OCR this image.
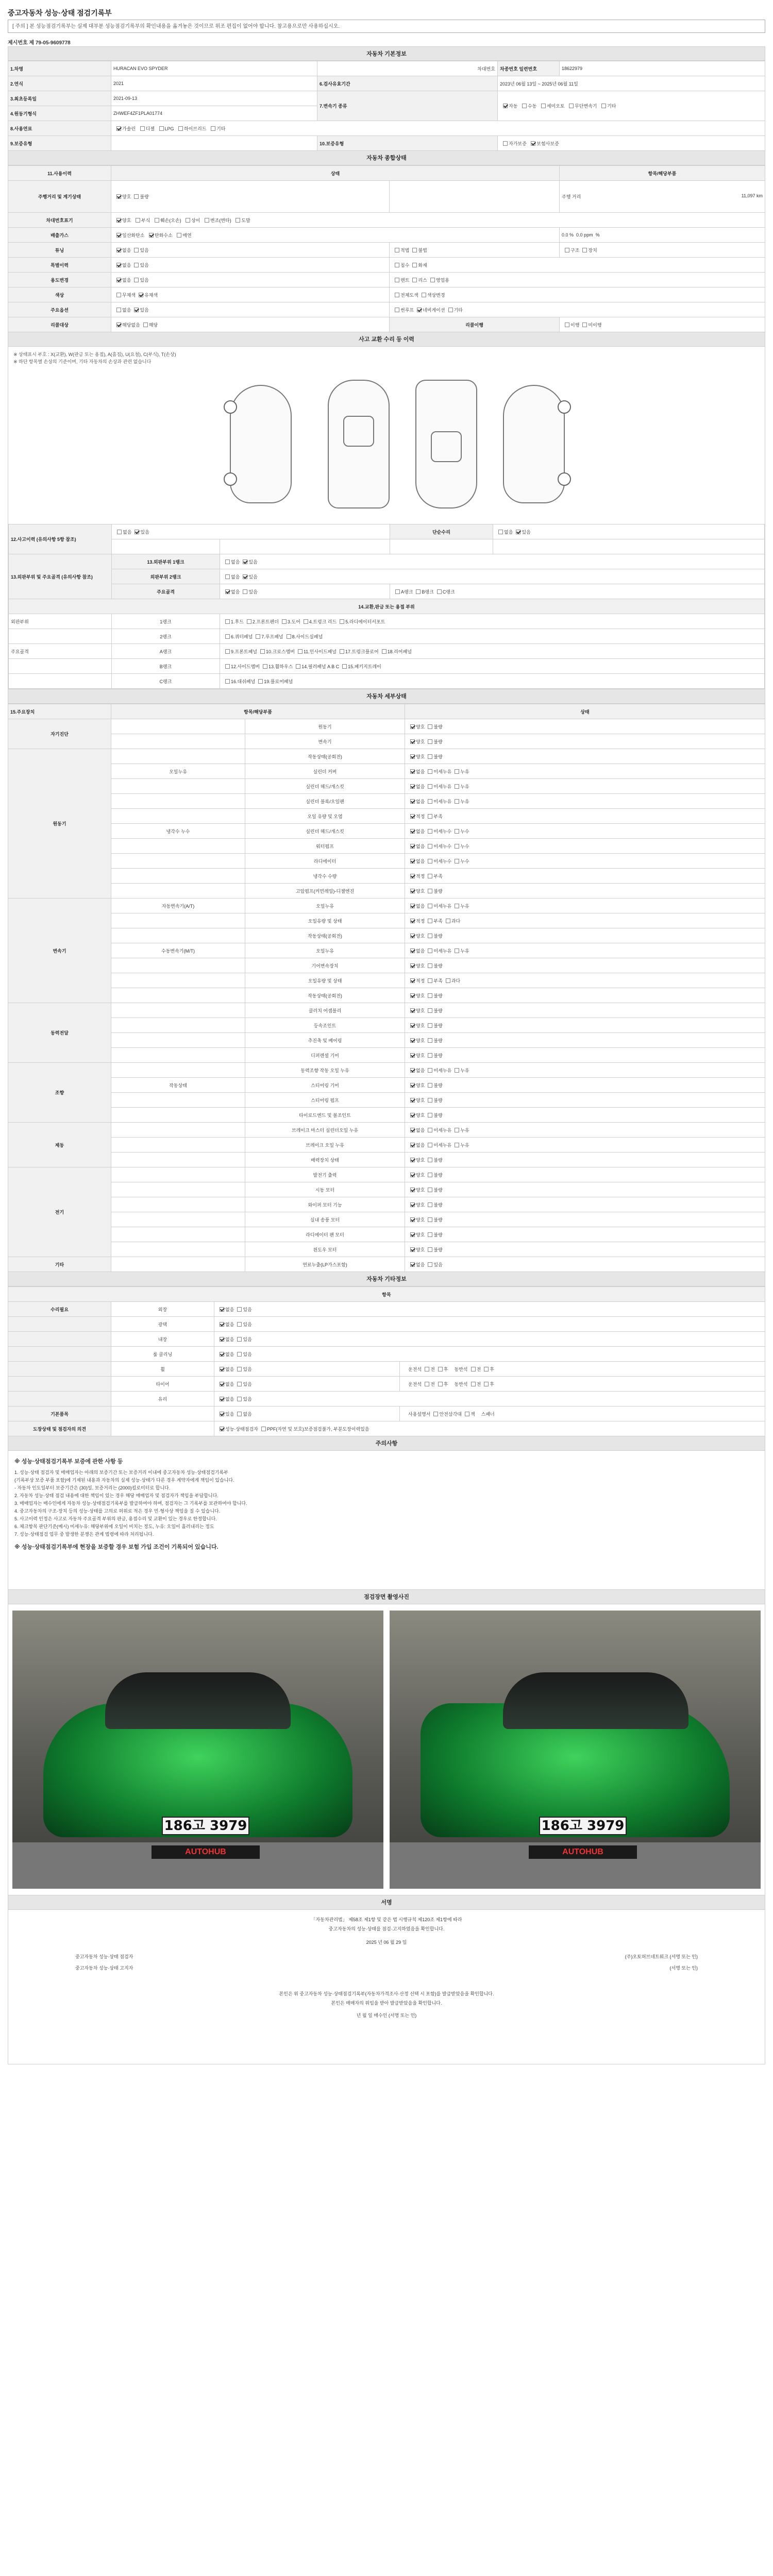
중고자동차 성능·상태 점검기록부
[ 주의 ] 본 성능점검기록부는 실제 대부분 성능점검기록부의 확인내용을 옮겨놓은 것이므로 위조 편집이 없어야 합니다. 참고용으로만 사용하십시오.
제시번호 제 79-05-9609778
자동차 기본정보
1.차명	HURACAN EVO SPYDER	차대번호	차종번호 일련번호	18622979
2.연식	2021	6.검사유효기간	2023년 06월 13일 ~ 2025년 06월 11일	
3.최초등록일	2021-09-13	7.변속기 종류	자동 수동 세미오토 무단변속기 기타	
4.원동기형식	ZHWEF4ZF1PLA01774			
8.사용연료	가솔린 디젤 LPG 하이브리드 기타			
9.보증유형		10.보증유형	자가보증 보험사보증	
자동차 종합상태
11.사용이력	상태		항목/해당부품
주행거리 및 계기상태	양호 불량		주행 거리 11,097 km

차대번호표기	양호 부식 훼손(오손) 상이 변조(변타) 도말		
배출가스	일산화탄소 탄화수소 매연		0.0 % 0.0 ppm %
튜닝	없음 있음	적법 불법	구조 장치
특별이력	없음 있음	침수 화재	
용도변경	없음 있음	렌트 리스 영업용	
색상	무채색 유채색	전체도색 색상변경	
주요옵션	없음 있음	썬루프 네비게이션 기타	
리콜대상	해당없음 해당	리콜이행	이행 미이행
사고 교환 수리 등 이력
※ 상태표시 부호 : X(교환), W(판금 또는 용접), A(흠집), U(요철), C(부식), T(손상)
※ 하단 항목별 손상의 기준이며, 기타 자동차의 손상과 관련 없습니다
12.사고이력 (유의사항 5항 참조)	없음 있음		단순수리	없음 있음

13.외판부위 및 주요골격 (유의사항 참조)	13.외판부위 1랭크	없음 있음		
	외판부위 2랭크	없음 있음		
	주요골격	없음 있음	A랭크 B랭크 C랭크	
14.교환,판금 또는 용접 부위				
외판부위	1랭크	1.후드 2.프론트펜더 3.도어 4.트렁크 리드 5.라디에이터서포트		
	2랭크	6.쿼터패널 7.루프패널 8.사이드실패널		
주요골격	A랭크	9.프론트패널 10.크로스멤버 11.인사이드패널 17.트렁크플로어 18.리어패널		
	B랭크	12.사이드멤버 13.휠하우스 14.필러패널 A B C 15.패키지트레이		
	C랭크	16.대쉬패널 19.플로어패널		
자동차 세부상태
15.주요장치	항목/해당부품		상태
자기진단		원동기	양호 불량
		변속기	양호 불량
원동기		작동상태(공회전)	양호 불량
	오일누유	실린더 커버	없음 미세누유 누유
		실린더 헤드/개스킷	없음 미세누유 누유
		실린더 블록/오일팬	없음 미세누유 누유
		오일 유량 및 오염	적정 부족
	냉각수 누수	실린더 헤드/개스킷	없음 미세누수 누수
		워터펌프	없음 미세누수 누수
		라디에이터	없음 미세누수 누수
		냉각수 수량	적정 부족
		고압펌프(커먼레일)-디젤엔진	양호 불량
변속기	자동변속기(A/T)	오일누유	없음 미세누유 누유
		오일유량 및 상태	적정 부족 과다
		작동상태(공회전)	양호 불량
	수동변속기(M/T)	오일누유	없음 미세누유 누유
		기어변속장치	양호 불량
		오일유량 및 상태	적정 부족 과다
		작동상태(공회전)	양호 불량
동력전달		클러치 어셈블리	양호 불량
		등속조인트	양호 불량
		추진축 및 베어링	양호 불량
		디퍼렌셜 기어	양호 불량
조향		동력조향 작동 오일 누유	없음 미세누유 누유
	작동상태	스티어링 기어	양호 불량
		스티어링 펌프	양호 불량
		타이로드엔드 및 볼조인트	양호 불량
제동		브레이크 마스터 실린더오일 누유	없음 미세누유 누유
		브레이크 오일 누유	없음 미세누유 누유
		배력장치 상태	양호 불량
전기		발전기 출력	양호 불량
		시동 모터	양호 불량
		와이퍼 모터 기능	양호 불량
		실내 송풍 모터	양호 불량
		라디에이터 팬 모터	양호 불량
		윈도우 모터	양호 불량
기타		연료누출(LP가스포함)	없음 있음
자동차 기타정보
항목			
수리필요	외장	없음 있음	
	광택	없음 있음	
	내장	없음 있음	
	룸 클리닝	없음 있음	
	휠	없음 있음	운전석 전 후 동반석 전 후
	타이어	없음 있음	운전석 전 후 동반석 전 후
	유리	없음 있음	
기본품목		있음 없음	사용설명서 안전삼각대 잭 스패너
도장상태 및 점검자의 의견		성능·상태점검자 PPF(자연 및 보호)보증점검불가, 부분도장이력있음	
주의사항
※ 성능·상태점검기록부 보증에 관한 사항 등
1. 성능·상태 점검자 및 매매업자는 아래의 보증기간 또는 보증거리 이내에 중고자동차 성능·상태점검기록부
(기록부상 보증 부품 포함)에 기재된 내용과 자동차의 실제 성능·상태가 다른 경우 계약자에게 책임이 있습니다.
- 자동차 인도일부터 보증기간은 (30)일, 보증거리는 (2000)킬로미터로 합니다.
2. 자동차 성능·상태 점검 내용에 대한 책임이 있는 경우 해당 매매업자 및 점검자가 책임을 부담합니다.
3. 매매업자는 매수인에게 자동차 성능·상태점검기록부를 발급하여야 하며, 점검자는 그 기록부를 보관하여야 합니다.
4. 중고자동차의 구조·장치 등의 성능·상태를 고의로 허위로 적은 경우 민·형사상 책임을 질 수 있습니다.
5. 사고이력 인정은 사고로 자동차 주요골격 부위의 판금, 용접수리 및 교환이 있는 경우로 한정합니다.
6. 체크항목 판단기준(예시) 미세누유: 해당부위에 오일이 비치는 정도, 누유: 오일이 흘러내리는 정도
7. 성능·상태점검 업무 중 발생한 분쟁은 관계 법령에 따라 처리됩니다.
※ 성능·상태점검기록부에 현장을 보증할 경우 보험 가입 조건이 기록되어 있습니다.
점검장면 촬영사진
186고 3979
AUTOHUB
186고 3979
AUTOHUB
서명
「자동차관리법」 제58조 제1항 및 같은 법 시행규칙 제120조 제1항에 따라
중고자동차의 성능·상태를 점검·고지하였음을 확인합니다.
2025 년 06 월 29 일
중고자동차 성능·상태 점검자	(주)오토허브네트워크 (서명 또는 인)
중고자동차 성능·상태 고지자	(서명 또는 인)
본인은 위 중고자동차 성능·상태점검기록부(자동차가격조사·산정 선택 시 포함)를 발급받았음을 확인합니다.
본인은 매매자의 위임을 받아 발급받았음을 확인합니다.
년 월 일 매수인 (서명 또는 인)
